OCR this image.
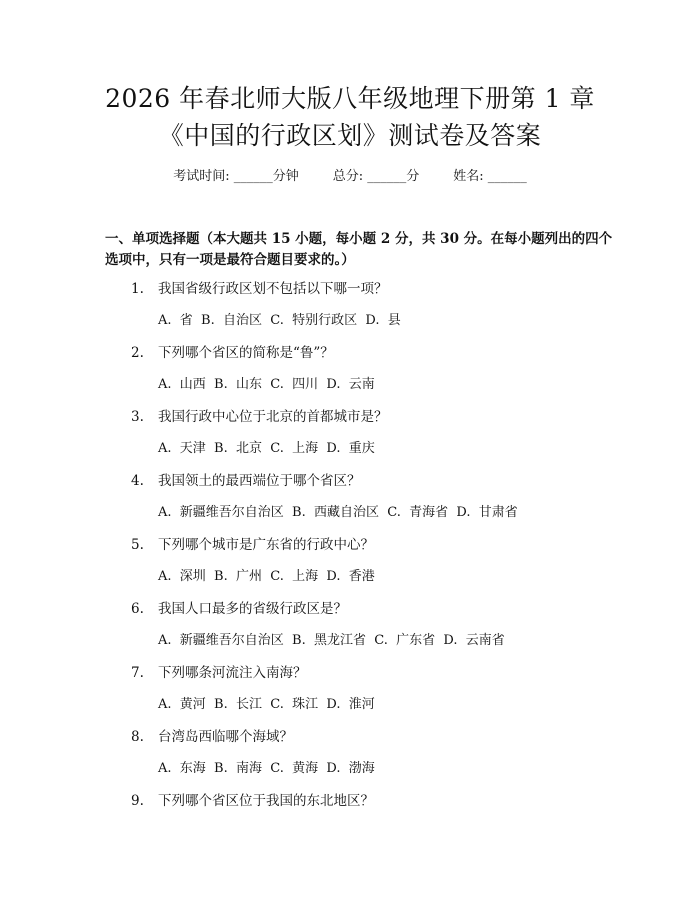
2026 年春北师大版八年级地理下册第 1 章
《中国的行政区划》测试卷及答案
考试时间: ______分钟	总分: ______分	姓名: ______
一、单项选择题（本大题共 15 小题，每小题 2 分，共 30 分。在每小题列出的四个选项中，只有一项是最符合题目要求的。）
1. 我国省级行政区划不包括以下哪一项？
A.  省  B.  自治区  C.  特别行政区  D.  县
2. 下列哪个省区的简称是“鲁”？
A.  山西  B.  山东  C.  四川  D.  云南
3. 我国行政中心位于北京的首都城市是？
A.  天津  B.  北京  C.  上海  D.  重庆
4. 我国领土的最西端位于哪个省区？
A.  新疆维吾尔自治区  B.  西藏自治区  C.  青海省  D.  甘肃省
5. 下列哪个城市是广东省的行政中心？
A.  深圳  B.  广州  C.  上海  D.  香港
6. 我国人口最多的省级行政区是？
A.  新疆维吾尔自治区  B.  黑龙江省  C.  广东省  D.  云南省
7. 下列哪条河流注入南海？
A.  黄河  B.  长江  C.  珠江  D.  淮河
8. 台湾岛西临哪个海域？
A.  东海  B.  南海  C.  黄海  D.  渤海
9. 下列哪个省区位于我国的东北地区？
